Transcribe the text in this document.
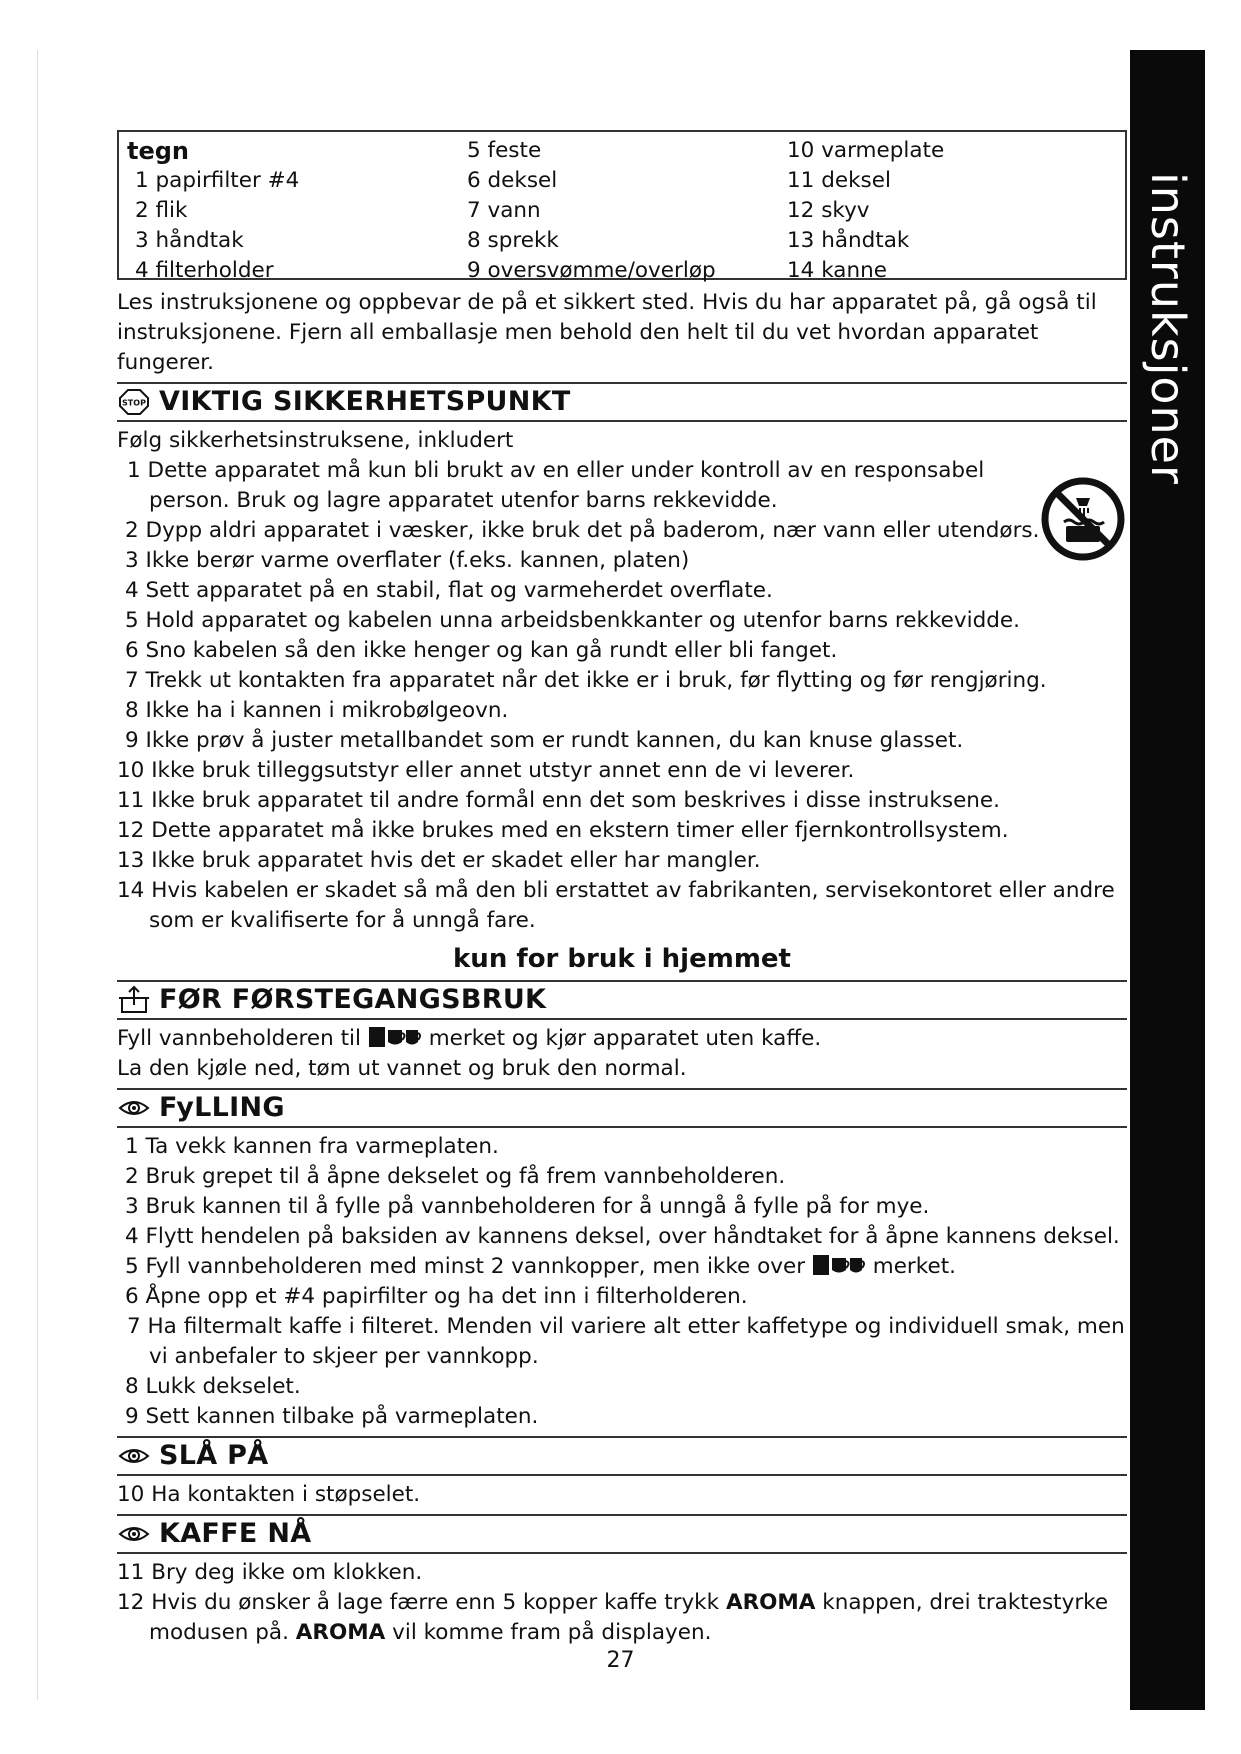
instruksjoner
tegn
1 papirfilter #4
2 flik
3 håndtak
4 filterholder
5 feste
6 deksel
7 vann
8 sprekk
9 oversvømme/overløp
10 varmeplate
11 deksel
12 skyv
13 håndtak
14 kanne

Les instruksjonene og oppbevar de på et sikkert sted. Hvis du har apparatet på, gå også til instruksjonene. Fjern all emballasje men behold den helt til du vet hvordan apparatet fungerer.

STOP VIKTIG SIKKERHETSPUNKT

Følg sikkerhetsinstruksene, inkludert

1 Dette apparatet må kun bli brukt av en eller under kontroll av en responsabel person. Bruk og lagre apparatet utenfor barns rekkevidde.
2 Dypp aldri apparatet i væsker, ikke bruk det på baderom, nær vann eller utendørs.
3 Ikke berør varme overflater (f.eks. kannen, platen)
4 Sett apparatet på en stabil, flat og varmeherdet overflate.
5 Hold apparatet og kabelen unna arbeidsbenkkanter og utenfor barns rekkevidde.
6 Sno kabelen så den ikke henger og kan gå rundt eller bli fanget.
7 Trekk ut kontakten fra apparatet når det ikke er i bruk, før flytting og før rengjøring.
8 Ikke ha i kannen i mikrobølgeovn.
9 Ikke prøv å juster metallbandet som er rundt kannen, du kan knuse glasset.
10 Ikke bruk tilleggsutstyr eller annet utstyr annet enn de vi leverer.
11 Ikke bruk apparatet til andre formål enn det som beskrives i disse instruksene.
12 Dette apparatet må ikke brukes med en ekstern timer eller fjernkontrollsystem.
13 Ikke bruk apparatet hvis det er skadet eller har mangler.
14 Hvis kabelen er skadet så må den bli erstattet av fabrikanten, servisekontoret eller andre som er kvalifiserte for å unngå fare.
kun for bruk i hjemmet
FØR FØRSTEGANGSBRUK

Fyll vannbeholderen til	merket og kjør apparatet uten kaffe.

La den kjøle ned, tøm ut vannet og bruk den normal.

FyLLING
1 Ta vekk kannen fra varmeplaten.
2 Bruk grepet til å åpne dekselet og få frem vannbeholderen.
3 Bruk kannen til å fylle på vannbeholderen for å unngå å fylle på for mye.
4 Flytt hendelen på baksiden av kannens deksel, over håndtaket for å åpne kannens deksel.
5 Fyll vannbeholderen med minst 2 vannkopper, men ikke over	merket.
6 Åpne opp et #4 papirfilter og ha det inn i filterholderen.
7 Ha filtermalt kaffe i filteret. Menden vil variere alt etter kaffetype og individuell smak, men vi anbefaler to skjeer per vannkopp.
8 Lukk dekselet.
9 Sett kannen tilbake på varmeplaten.
SLÅ PÅ

10 Ha kontakten i støpselet.

KAFFE NÅ

11 Bry deg ikke om klokken.

12 Hvis du ønsker å lage færre enn 5 kopper kaffe trykk AROMA knappen, drei traktestyrke modusen på. AROMA vil komme fram på displayen.

27
